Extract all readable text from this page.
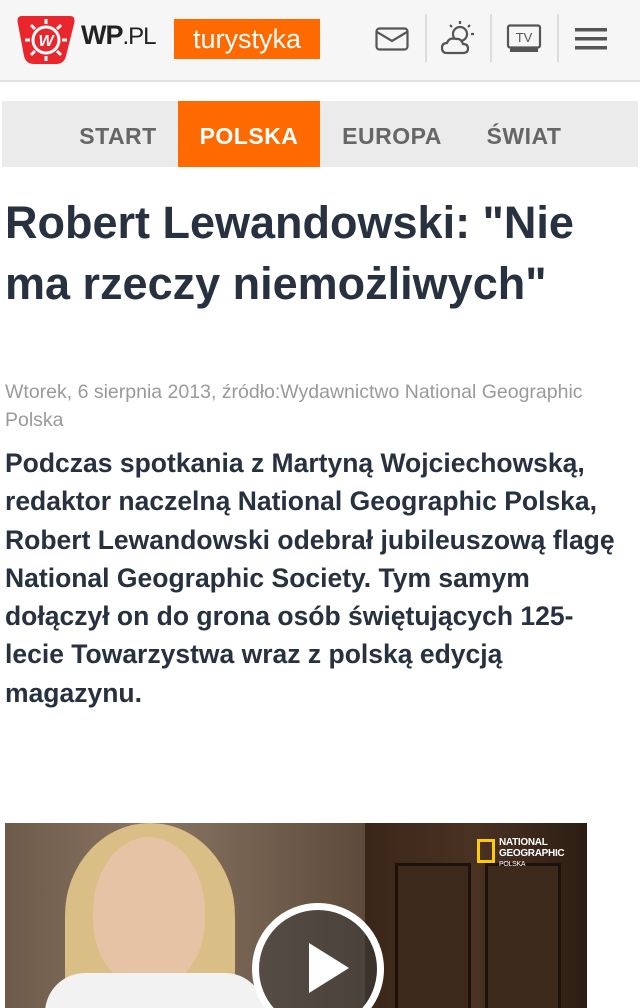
W WP.PL	turystyka	TV
START	POLSKA	EUROPA	ŚWIAT
Robert Lewandowski: "Nie ma rzeczy niemożliwych"
Wtorek, 6 sierpnia 2013, źródło:Wydawnictwo National Geographic Polska

Podczas spotkania z Martyną Wojciechowską, redaktor naczelną National Geographic Polska, Robert Lewandowski odebrał jubileuszową flagę National Geographic Society. Tym samym dołączył on do grona osób świętujących 125-lecie Towarzystwa wraz z polską edycją magazynu.

NATIONAL
GEOGRAPHIC
POLSKA
